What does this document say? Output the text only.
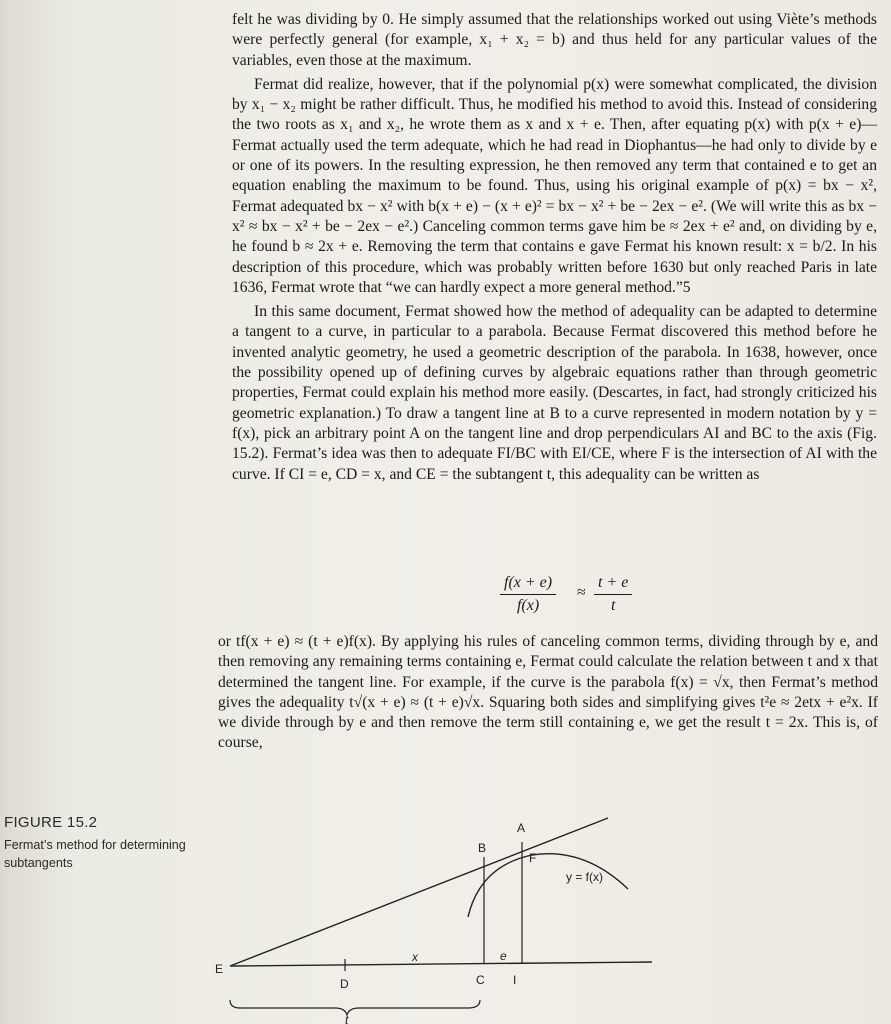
felt he was dividing by 0. He simply assumed that the relationships worked out using Viète’s methods were perfectly general (for example, x₁ + x₂ = b) and thus held for any particular values of the variables, even those at the maximum.

Fermat did realize, however, that if the polynomial p(x) were somewhat complicated, the division by x₁ − x₂ might be rather difficult. Thus, he modified his method to avoid this. Instead of considering the two roots as x₁ and x₂, he wrote them as x and x + e. Then, after equating p(x) with p(x + e)—Fermat actually used the term adequate, which he had read in Diophantus—he had only to divide by e or one of its powers. In the resulting expression, he then removed any term that contained e to get an equation enabling the maximum to be found. Thus, using his original example of p(x) = bx − x², Fermat adequated bx − x² with b(x + e) − (x + e)² = bx − x² + be − 2ex − e². (We will write this as bx − x² ≈ bx − x² + be − 2ex − e².) Canceling common terms gave him be ≈ 2ex + e² and, on dividing by e, he found b ≈ 2x + e. Removing the term that contains e gave Fermat his known result: x = b/2. In his description of this procedure, which was probably written before 1630 but only reached Paris in late 1636, Fermat wrote that “we can hardly expect a more general method.”5

In this same document, Fermat showed how the method of adequality can be adapted to determine a tangent to a curve, in particular to a parabola. Because Fermat discovered this method before he invented analytic geometry, he used a geometric description of the parabola. In 1638, however, once the possibility opened up of defining curves by algebraic equations rather than through geometric properties, Fermat could explain his method more easily. (Descartes, in fact, had strongly criticized his geometric explanation.) To draw a tangent line at B to a curve represented in modern notation by y = f(x), pick an arbitrary point A on the tangent line and drop perpendiculars AI and BC to the axis (Fig. 15.2). Fermat’s idea was then to adequate FI/BC with EI/CE, where F is the intersection of AI with the curve. If CI = e, CD = x, and CE = the subtangent t, this adequality can be written as

f(x + e)
f(x)
≈
t + e
t

or tf(x + e) ≈ (t + e)f(x). By applying his rules of canceling common terms, dividing through by e, and then removing any remaining terms containing e, Fermat could calculate the relation between t and x that determined the tangent line. For example, if the curve is the parabola f(x) = √x, then Fermat’s method gives the adequality t√(x + e) ≈ (t + e)√x. Squaring both sides and simplifying gives t²e ≈ 2etx + e²x. If we divide through by e and then remove the term still containing e, we get the result t = 2x. This is, of course,

FIGURE 15.2
Fermat’s method for determining subtangents
A
B
F
y = f(x)
E
x	e
C I
D
t
